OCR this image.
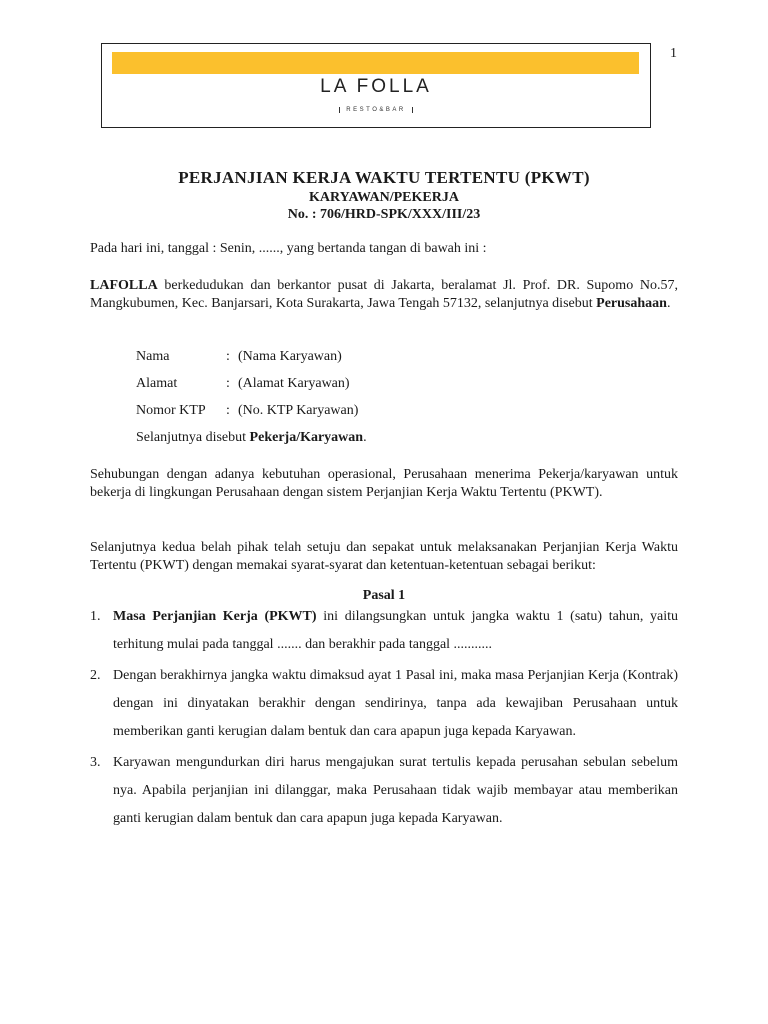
1
LA FOLLA
RESTO&BAR
PERJANJIAN KERJA WAKTU TERTENTU (PKWT)
KARYAWAN/PEKERJA
No. : 706/HRD-SPK/XXX/III/23
Pada hari ini, tanggal : Senin, ......, yang bertanda tangan di bawah ini :
LAFOLLA berkedudukan dan berkantor pusat di Jakarta, beralamat Jl. Prof. DR. Supomo No.57, Mangkubumen, Kec. Banjarsari, Kota Surakarta, Jawa Tengah 57132, selanjutnya disebut Perusahaan.
Nama	: (Nama Karyawan)
Alamat	: (Alamat Karyawan)
Nomor KTP	: (No. KTP Karyawan)
Selanjutnya disebut Pekerja/Karyawan .
Sehubungan dengan adanya kebutuhan operasional, Perusahaan menerima Pekerja/karyawan untuk bekerja di lingkungan Perusahaan dengan sistem Perjanjian Kerja Waktu Tertentu (PKWT).
Selanjutnya kedua belah pihak telah setuju dan sepakat untuk melaksanakan Perjanjian Kerja Waktu Tertentu (PKWT) dengan memakai syarat-syarat dan ketentuan-ketentuan sebagai berikut:
Pasal 1
1. Masa Perjanjian Kerja (PKWT) ini dilangsungkan untuk jangka waktu 1 (satu) tahun, yaitu terhitung mulai pada tanggal ....... dan berakhir pada tanggal ...........
2. Dengan berakhirnya jangka waktu dimaksud ayat 1 Pasal ini, maka masa Perjanjian Kerja (Kontrak) dengan ini dinyatakan berakhir dengan sendirinya, tanpa ada kewajiban Perusahaan untuk memberikan ganti kerugian dalam bentuk dan cara apapun juga kepada Karyawan.
3. Karyawan mengundurkan diri harus mengajukan surat tertulis kepada perusahan sebulan sebelum nya. Apabila perjanjian ini dilanggar, maka Perusahaan tidak wajib membayar atau memberikan ganti kerugian dalam bentuk dan cara apapun juga kepada Karyawan.
